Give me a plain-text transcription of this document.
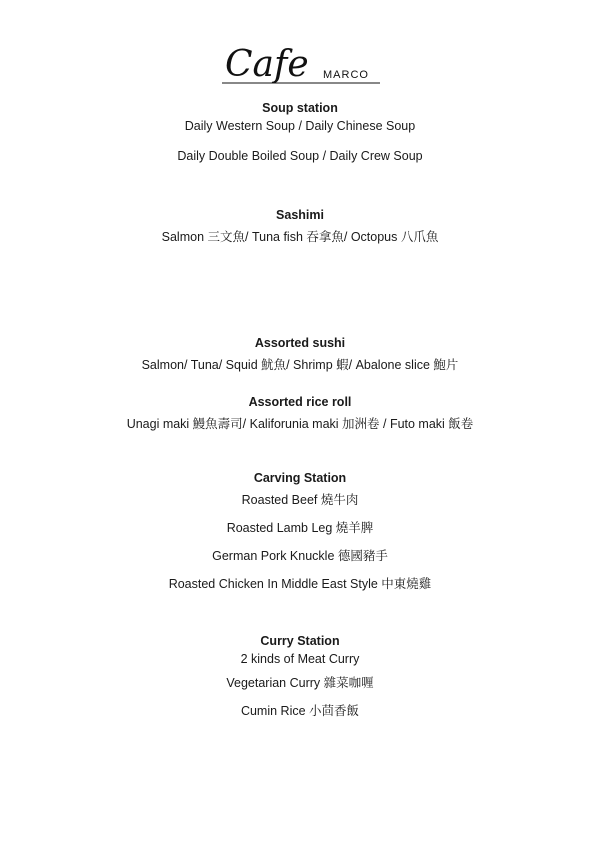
Cafe MARCO
Soup station
Daily Western Soup / Daily Chinese Soup
Daily Double Boiled Soup / Daily Crew Soup
Sashimi
Salmon 三文魚/ Tuna fish 吞拿魚/ Octopus 八爪魚
Assorted sushi
Salmon/ Tuna/ Squid 魷魚/ Shrimp 蝦/ Abalone slice 鮑片
Assorted rice roll
Unagi maki 鰻魚壽司/ Kaliforunia maki 加洲卷 / Futo maki 飯卷
Carving Station
Roasted Beef 燒牛肉
Roasted Lamb Leg 燒羊脾
German Pork Knuckle 德國豬手
Roasted Chicken In Middle East Style 中東燒雞
Curry Station
2 kinds of Meat Curry
Vegetarian Curry 雜菜咖喱
Cumin Rice 小茴香飯
